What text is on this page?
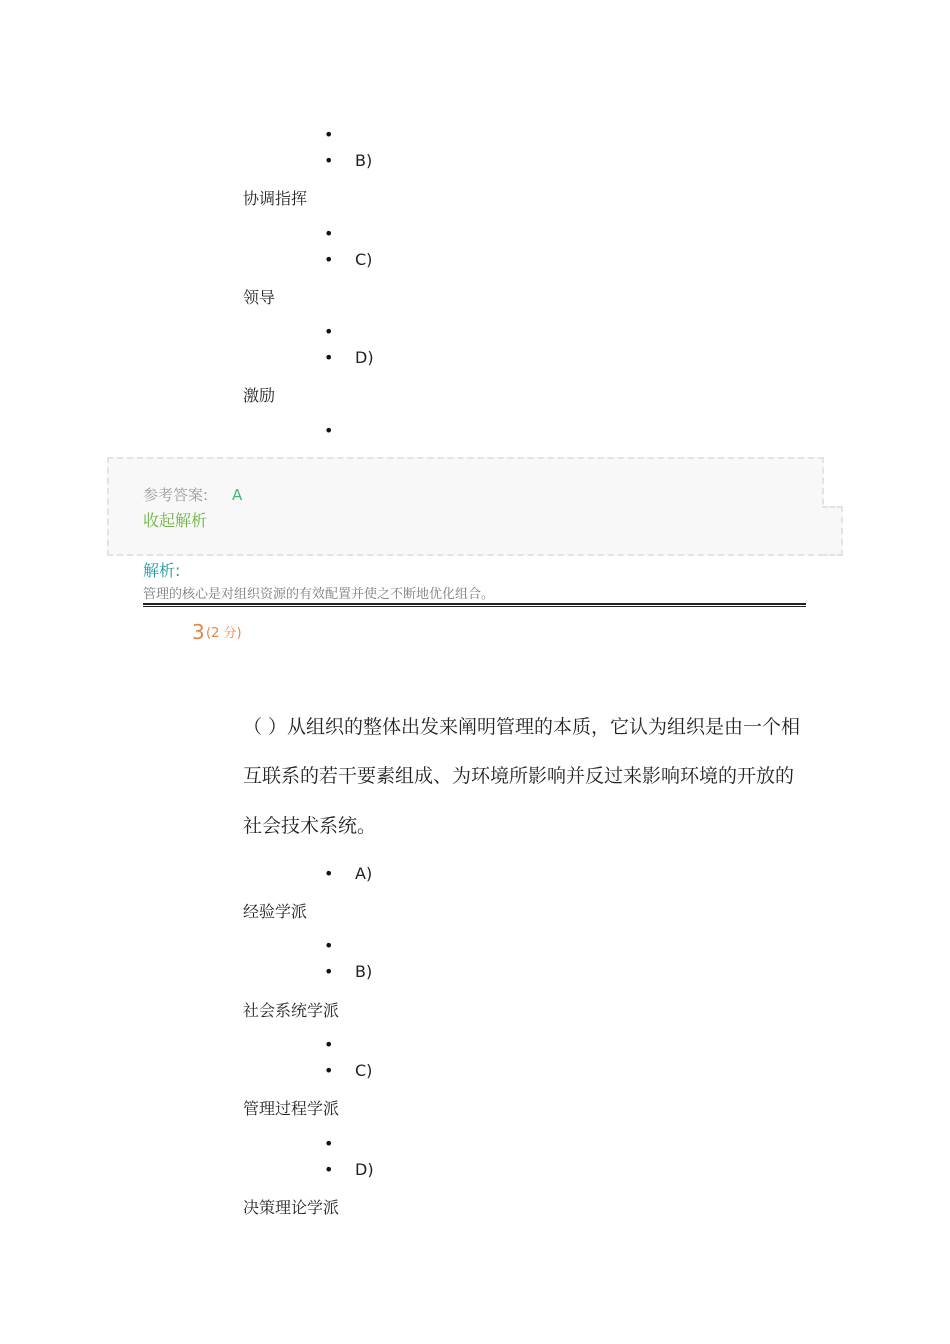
•
•
B)
协调指挥
•
•
C)
领导
•
•
D)
激励
•
参考答案: A
收起解析
解析:
管理的核心是对组织资源的有效配置并使之不断地优化组合。
3 (2 分)
（ ）从组织的整体出发来阐明管理的本质，它认为组织是由一个相
互联系的若干要素组成、为环境所影响并反过来影响环境的开放的
社会技术系统。
•
A)
经验学派
•
•
B)
社会系统学派
•
•
C)
管理过程学派
•
•
D)
决策理论学派
